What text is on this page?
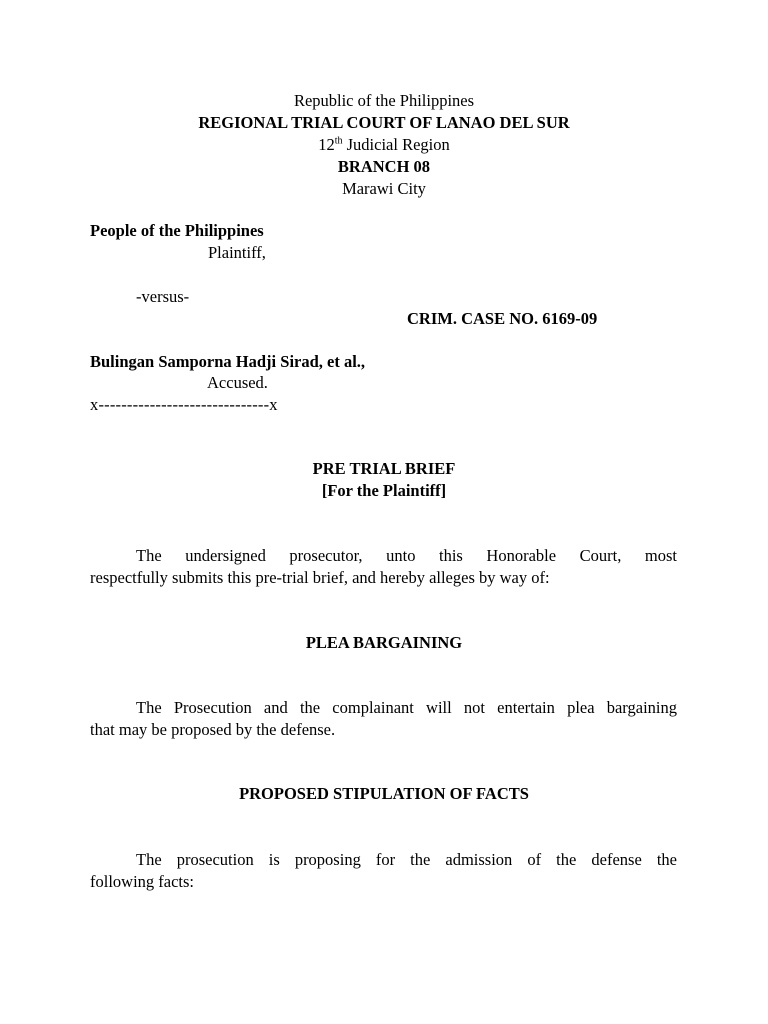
Republic of the Philippines
REGIONAL TRIAL COURT OF LANAO DEL SUR
12th Judicial Region
BRANCH 08
Marawi City
People of the Philippines
Plaintiff,
-versus-
CRIM. CASE NO. 6169-09
Bulingan Samporna Hadji Sirad, et al.,
Accused.
x------------------------------x
PRE TRIAL BRIEF
[For the Plaintiff]
The undersigned prosecutor, unto this Honorable Court, most
respectfully submits this pre-trial brief, and hereby alleges by way of:
PLEA BARGAINING
The Prosecution and the complainant will not entertain plea bargaining
that may be proposed by the defense.
PROPOSED STIPULATION OF FACTS
The prosecution is proposing for the admission of the defense the
following facts:
